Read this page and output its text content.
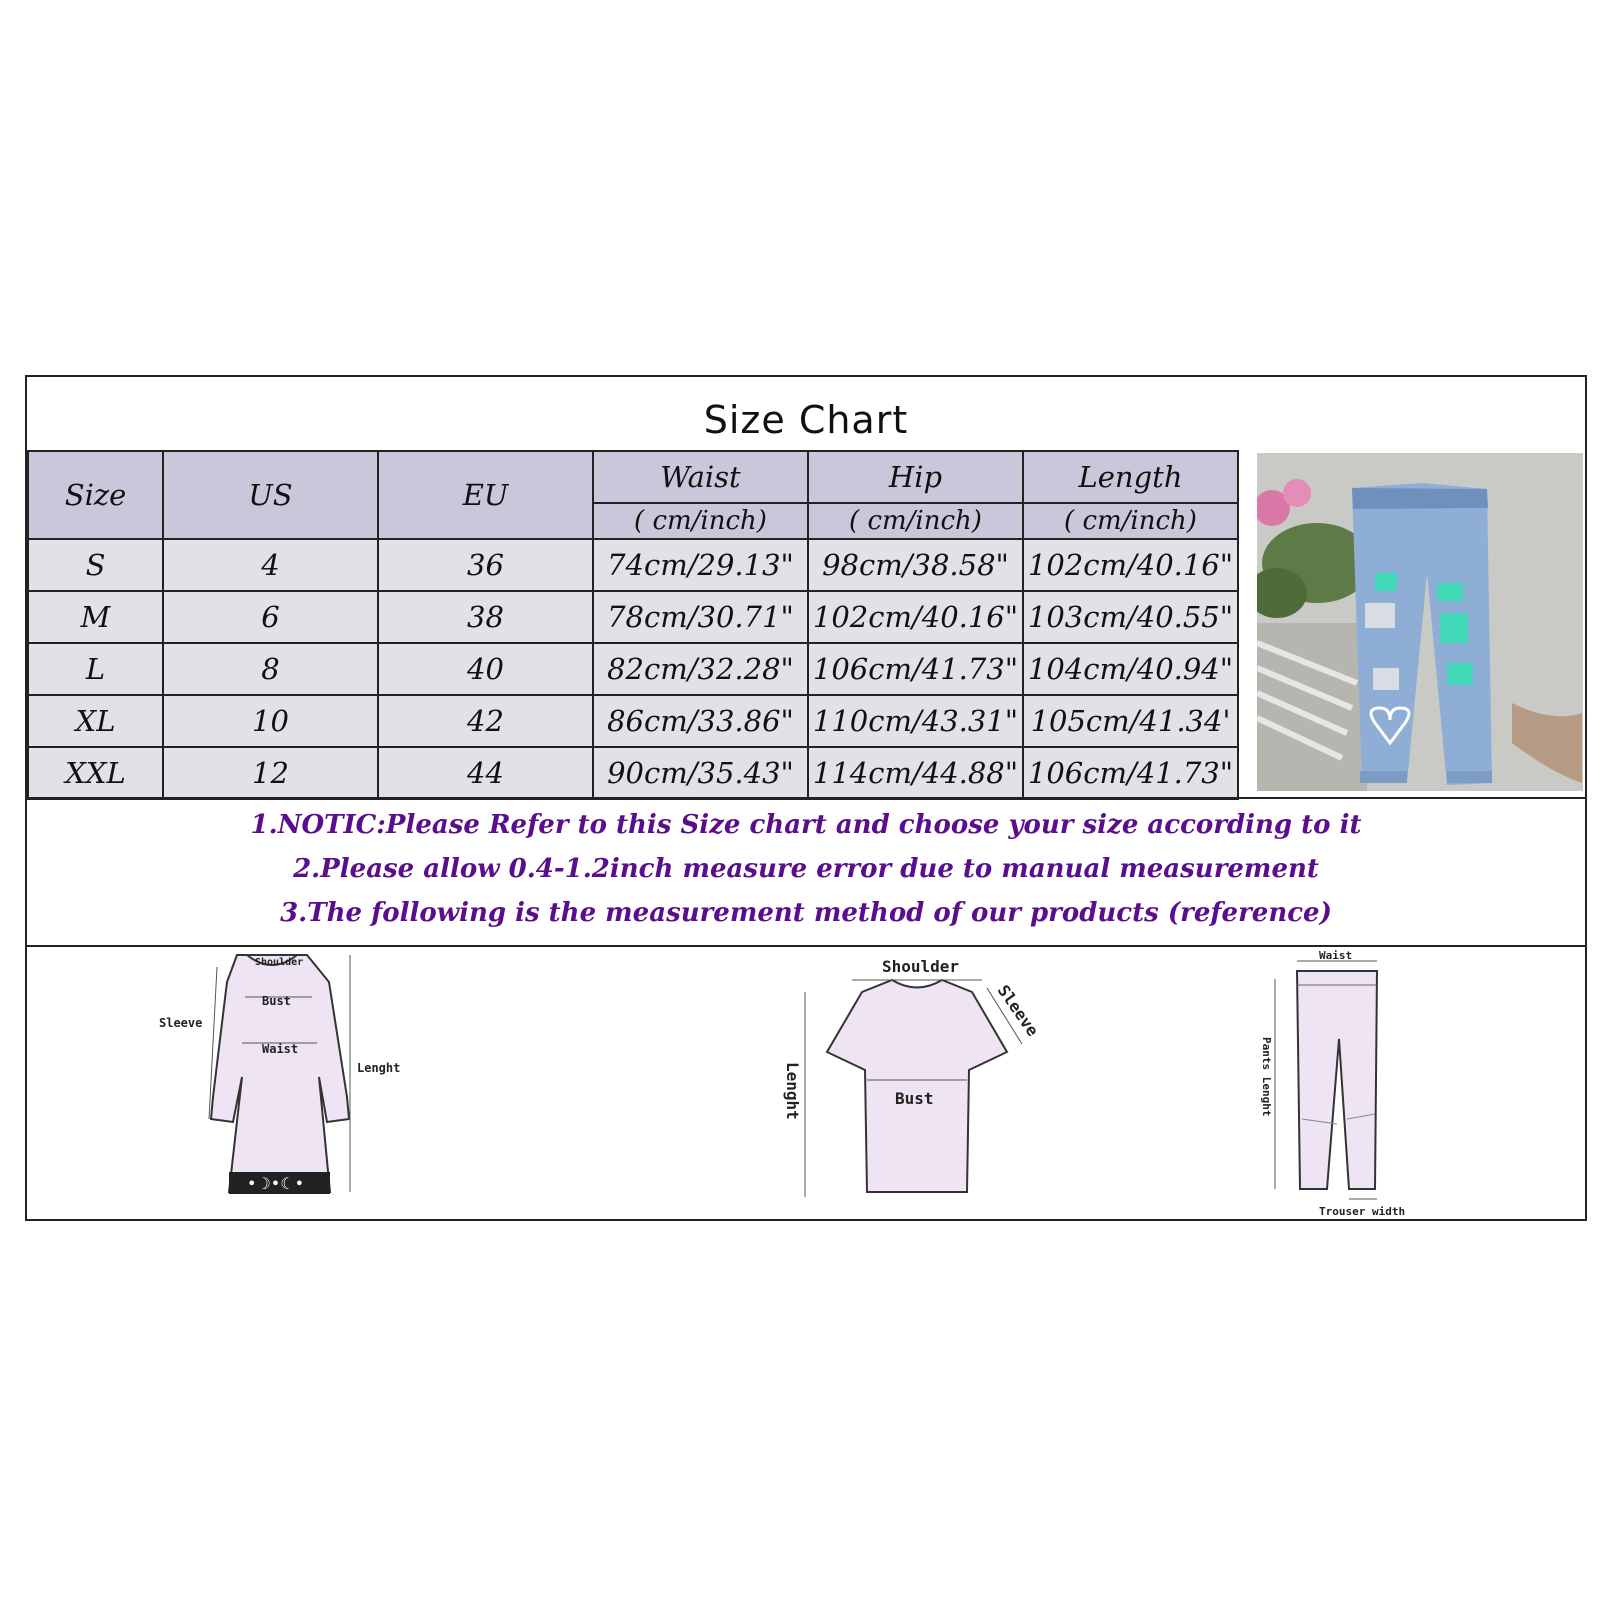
Size Chart
Size	US	EU	Waist	Hip	Length
			( cm/inch)	( cm/inch)	( cm/inch)
S	4	36	74cm/29.13"	98cm/38.58"	102cm/40.16"
M	6	38	78cm/30.71"	102cm/40.16"	103cm/40.55"
L	8	40	82cm/32.28"	106cm/41.73"	104cm/40.94"
XL	10	42	86cm/33.86"	110cm/43.31"	105cm/41.34'
XXL	12	44	90cm/35.43"	114cm/44.88"	106cm/41.73"
1.NOTIC:Please Refer to this Size chart and choose your size according to it
2.Please allow 0.4-1.2inch measure error due to manual measurement
3.The following is the measurement method of our products (reference)
•☽•☾•
Shoulder
Bust
Waist
Sleeve
Lenght
Shoulder
Sleeve
Bust
Lenght
Waist
Pants Lenght
Trouser width
